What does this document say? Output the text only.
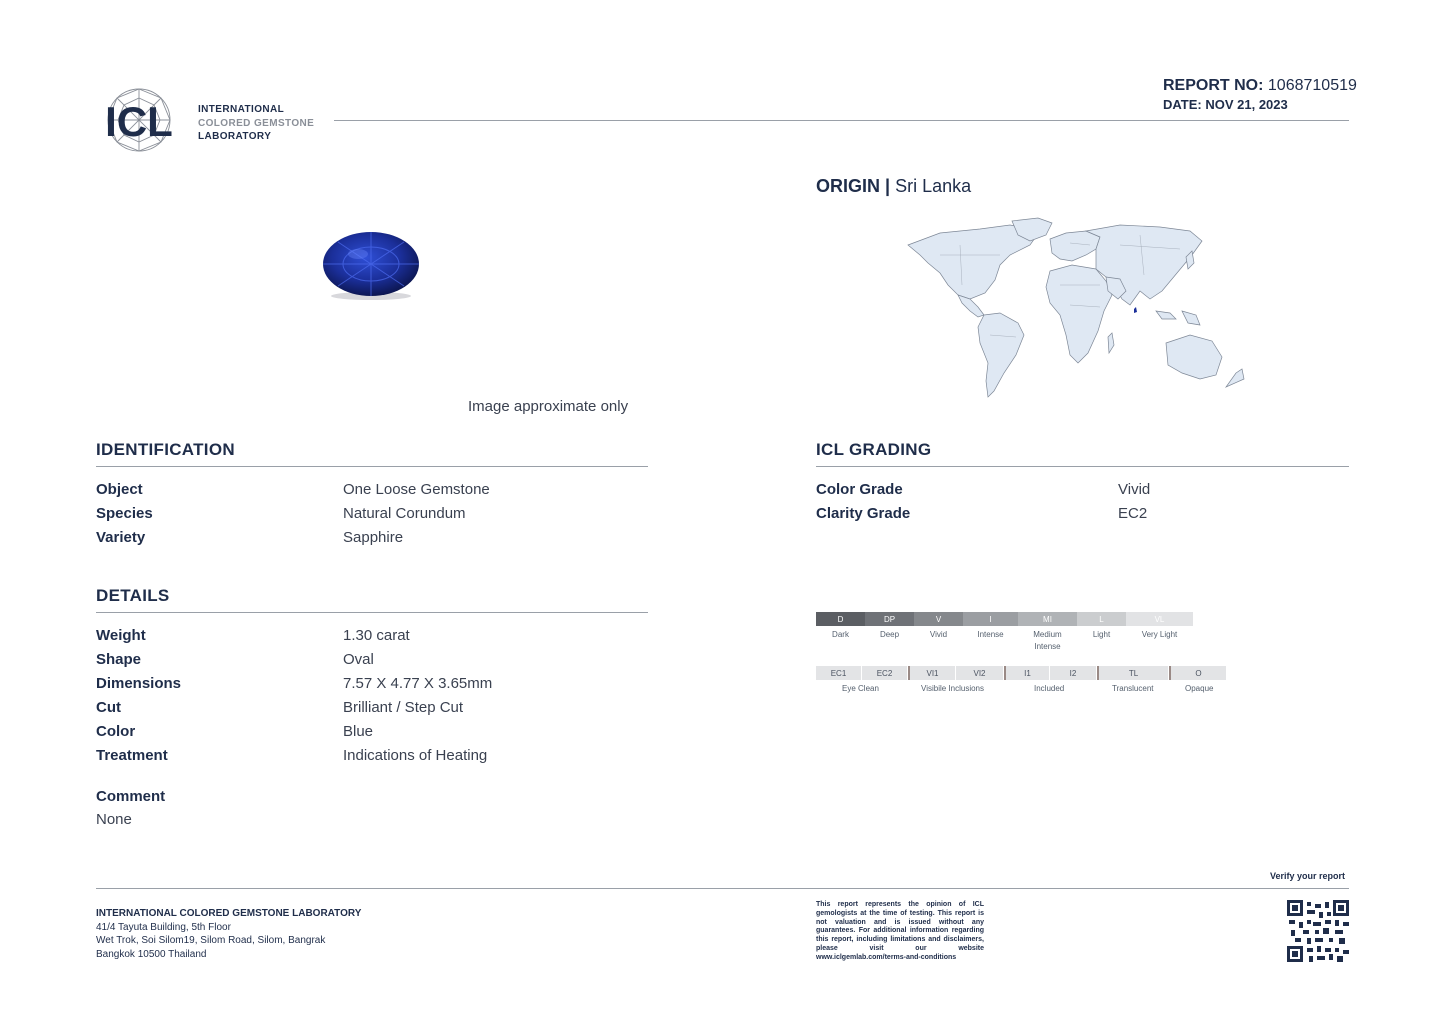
ICL	INTERNATIONAL
COLORED GEMSTONE
LABORATORY
REPORT NO: 1068710519
DATE: NOV 21, 2023
Image approximate only
ORIGIN | Sri Lanka
IDENTIFICATION
Object	One Loose Gemstone
Species	Natural Corundum
Variety	Sapphire
DETAILS
Weight	1.30 carat
Shape	Oval
Dimensions	7.57 X 4.77 X 3.65mm
Cut	Brilliant / Step Cut
Color	Blue
Treatment	Indications of Heating
Comment
None
ICL GRADING
Color Grade	Vivid
Clarity Grade	EC2
D
Dark
DP
Deep
V
Vivid
I
Intense
MI
Medium Intense
L
Light
VL
Very Light
EC1	EC2	VI1	VI2	I1	I2	TL	O
Eye Clean	Visibile Inclusions	Included	Translucent	Opaque
Verify your report
INTERNATIONAL COLORED GEMSTONE LABORATORY
41/4 Tayuta Building, 5th Floor
Wet Trok, Soi Silom19, Silom Road, Silom, Bangrak
Bangkok 10500 Thailand
This report represents the opinion of ICL gemologists at the time of testing. This report is not valuation and is issued without any guarantees. For additional information regarding this report, including limitations and disclaimers, please visit our website www.iclgemlab.com/terms-and-conditions
